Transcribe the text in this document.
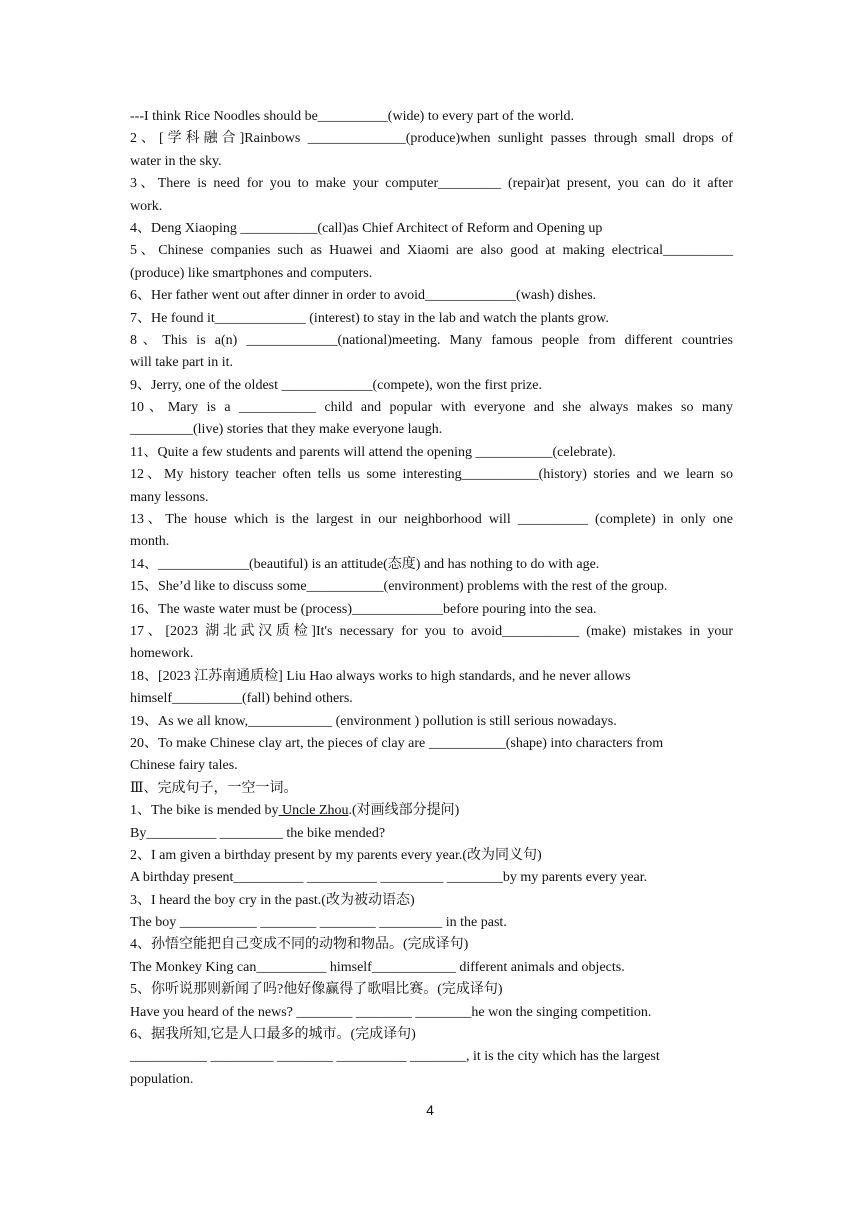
---I think Rice Noodles should be__________(wide) to every part of the world.
2、[学科融合]Rainbows ______________(produce)when sunlight passes through small drops of
water in the sky.
3、There is need for you to make your computer_________ (repair)at present, you can do it after
work.
4、Deng Xiaoping ___________(call)as Chief Architect of Reform and Opening up
5、Chinese companies such as Huawei and Xiaomi are also good at making electrical__________
(produce) like smartphones and computers.
6、Her father went out after dinner in order to avoid_____________(wash) dishes.
7、He found it_____________ (interest) to stay in the lab and watch the plants grow.
8、This is a(n) _____________(national)meeting. Many famous people from different countries
will take part in it.
9、Jerry, one of the oldest _____________(compete), won the first prize.
10、Mary is a ___________ child and popular with everyone and she always makes so many
_________(live) stories that they make everyone laugh.
11、Quite a few students and parents will attend the opening ___________(celebrate).
12、My history teacher often tells us some interesting___________(history) stories and we learn so
many lessons.
13、The house which is the largest in our neighborhood will __________ (complete) in only one
month.
14、_____________(beautiful) is an attitude(态度) and has nothing to do with age.
15、She’d like to discuss some___________(environment) problems with the rest of the group.
16、The waste water must be (process)_____________before pouring into the sea.
17、[2023 湖北武汉质检]It's necessary for you to avoid___________ (make) mistakes in your
homework.
18、[2023 江苏南通质检] Liu Hao always works to high standards, and he never allows
himself__________(fall) behind others.
19、As we all know,____________ (environment ) pollution is still serious nowadays.
20、To make Chinese clay art, the pieces of clay are ___________(shape) into characters from
Chinese fairy tales.
Ⅲ、完成句子，一空一词。
1、The bike is mended by Uncle Zhou.(对画线部分提问)
By__________ _________ the bike mended?
2、I am given a birthday present by my parents every year.(改为同义句)
A birthday present__________ __________ _________ ________by my parents every year.
3、I heard the boy cry in the past.(改为被动语态)
The boy ___________ ________ ________ _________ in the past.
4、孙悟空能把自己变成不同的动物和物品。(完成译句)
The Monkey King can__________ himself____________ different animals and objects.
5、你听说那则新闻了吗?他好像赢得了歌唱比赛。(完成译句)
Have you heard of the news? ________ ________ ________he won the singing competition.
6、据我所知,它是人口最多的城市。(完成译句)
___________ _________ ________ __________ ________, it is the city which has the largest
population.
4
